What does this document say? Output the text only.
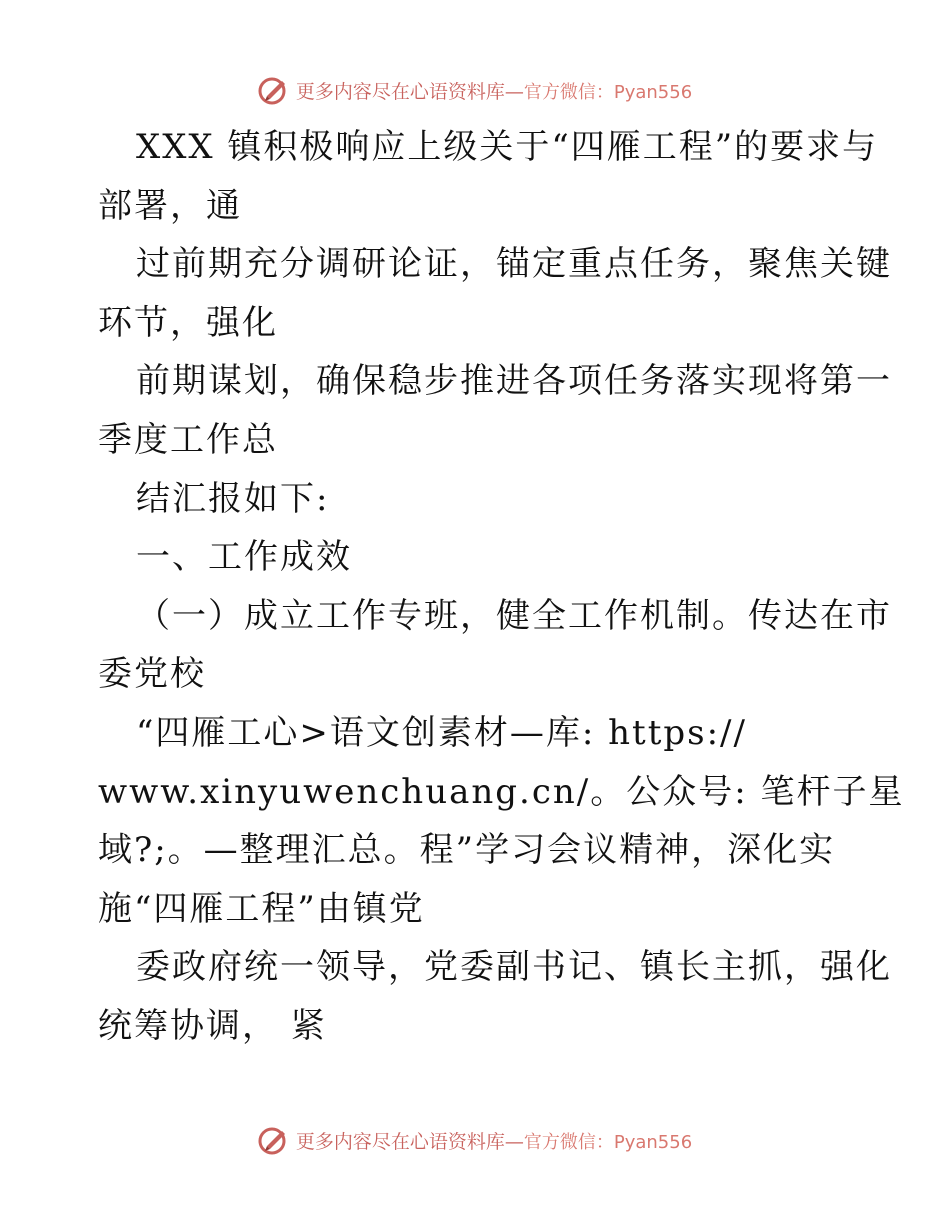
更多内容尽在心语资料库—官方微信：Pyan556
XXX 镇积极响应上级关于“四雁工程”的要求与
部署，通
过前期充分调研论证，锚定重点任务，聚焦关键
环节，强化
前期谋划，确保稳步推进各项任务落实现将第一
季度工作总
结汇报如下:
一、工作成效
（一）成立工作专班，健全工作机制。传达在市
委党校
“四雁工心>语文创素材—库: https://
www.xinyuwenchuang.cn/。公众号: 笔杆子星
域?;。—整理汇总。程”学习会议精神，深化实
施“四雁工程”由镇党
委政府统一领导，党委副书记、镇长主抓，强化
统筹协调， 紧
更多内容尽在心语资料库—官方微信：Pyan556
